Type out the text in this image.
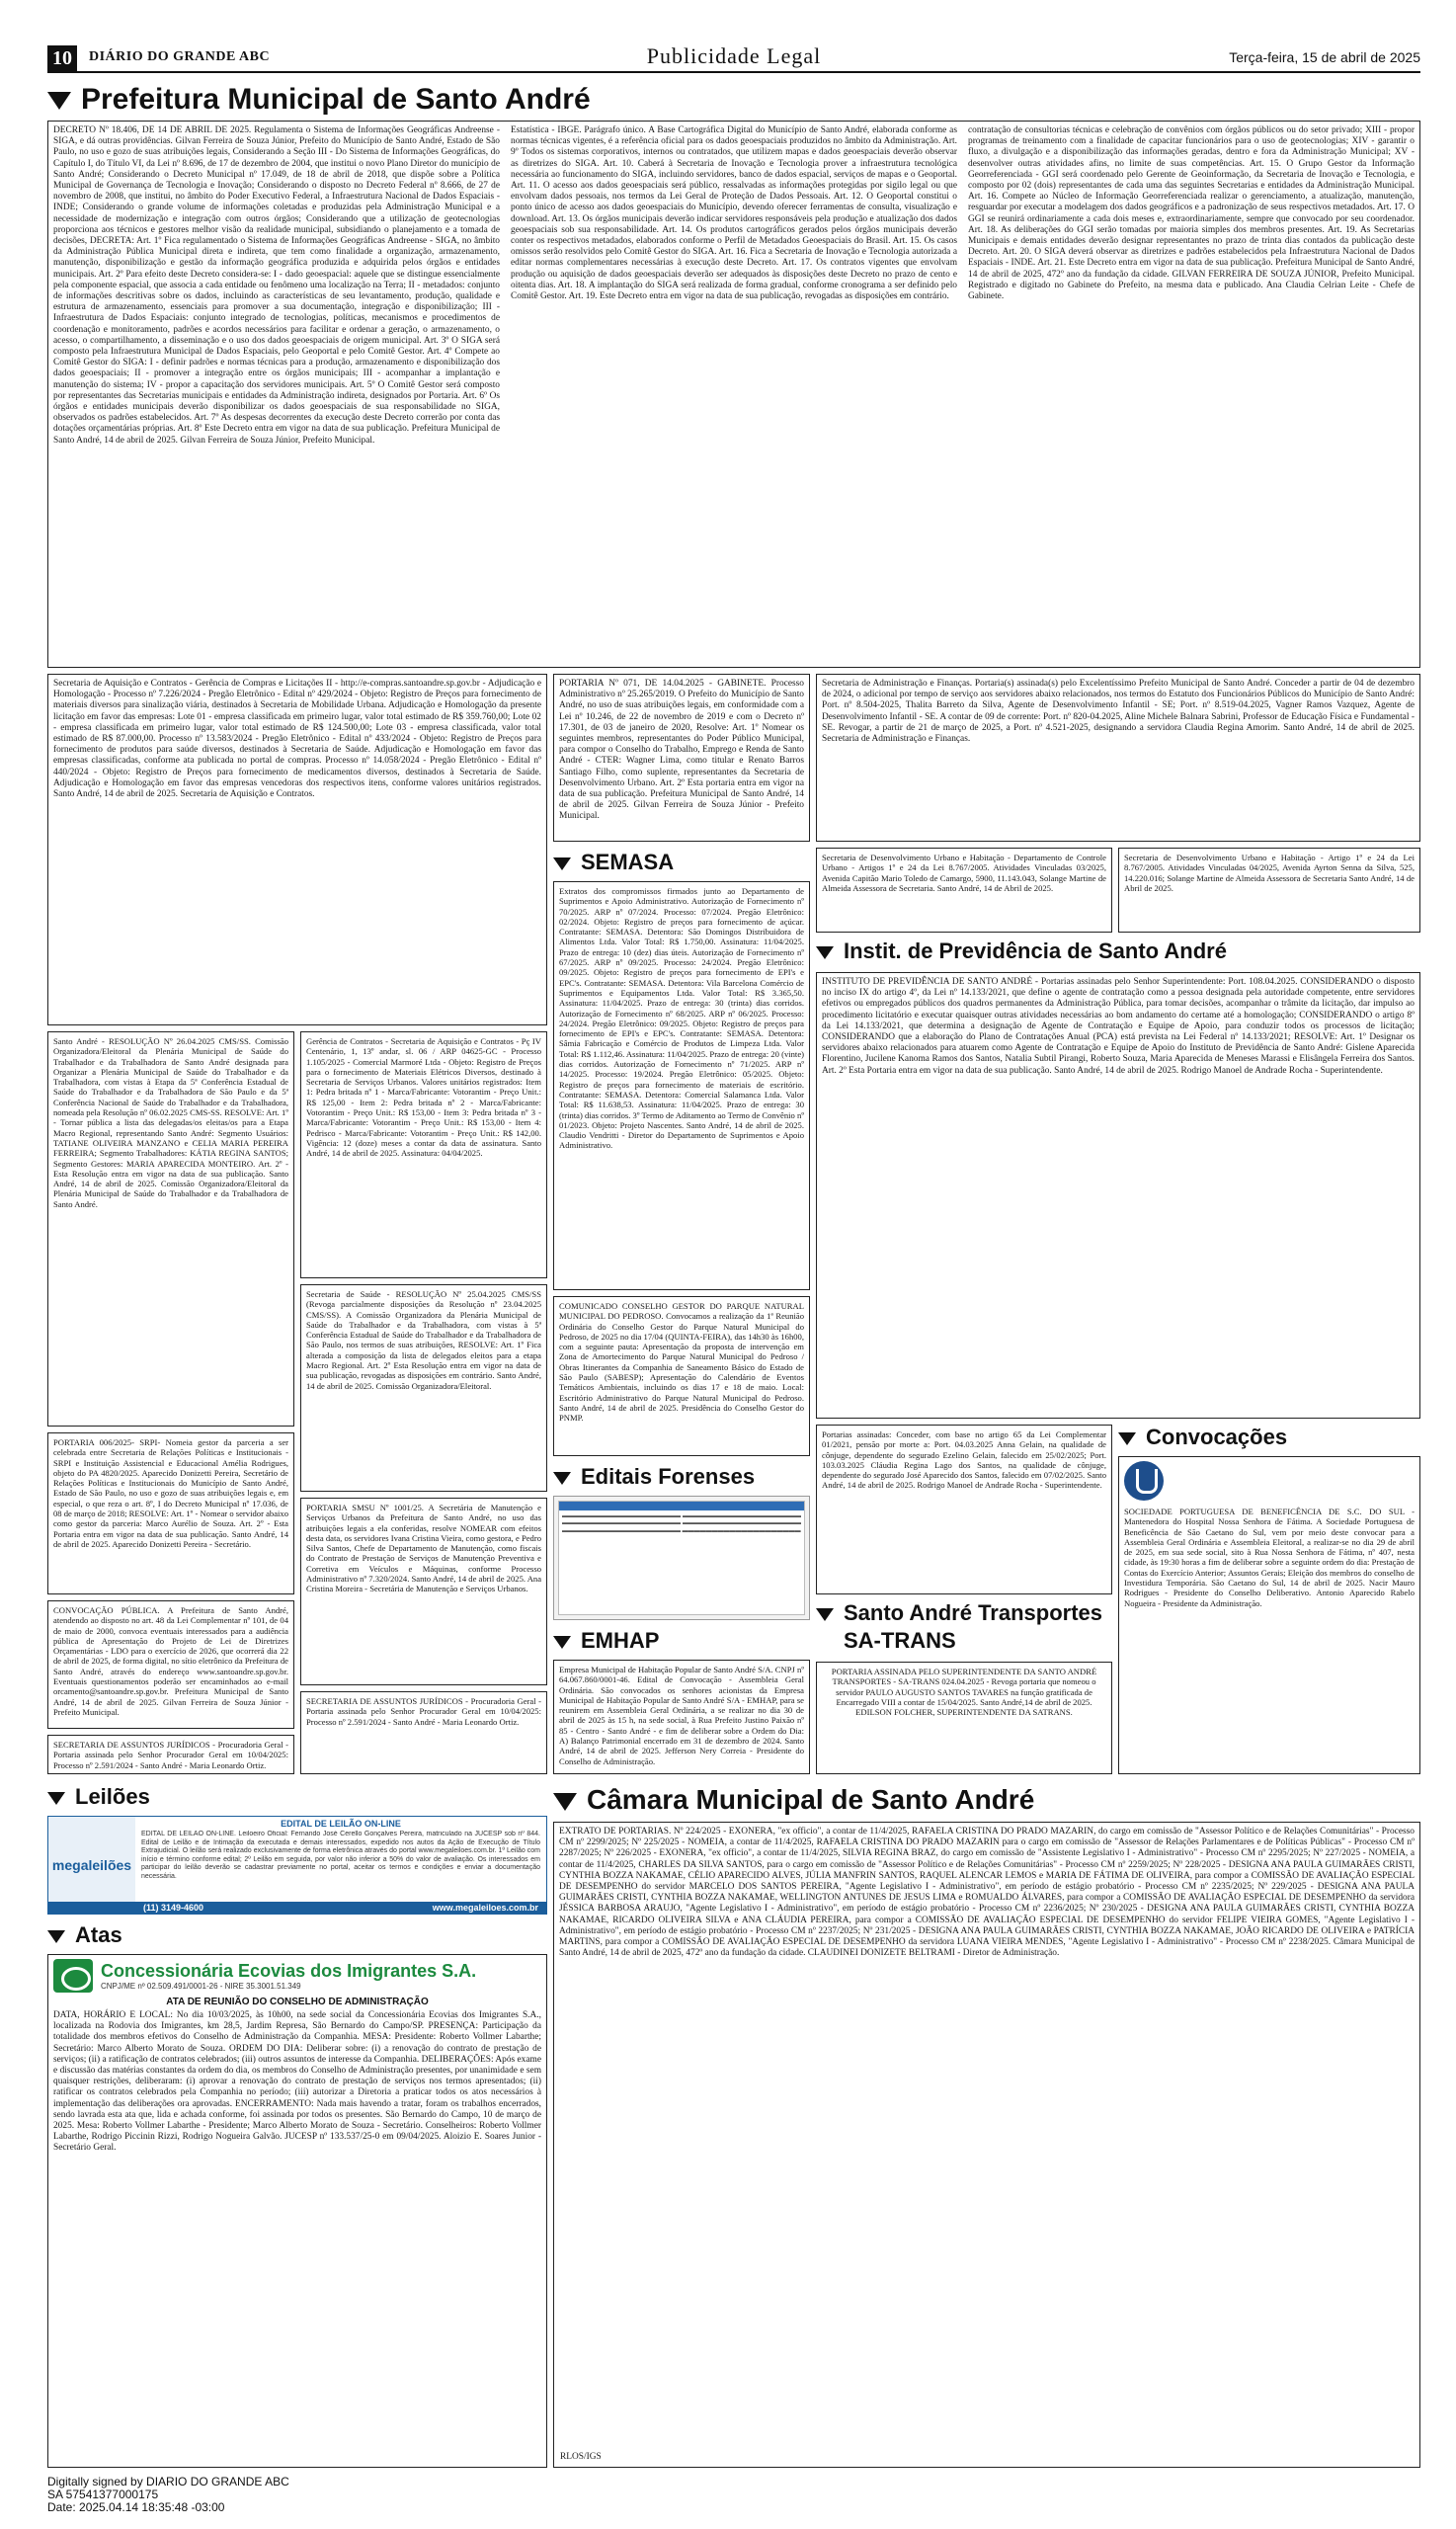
10	DIÁRIO DO GRANDE ABC	Publicidade Legal	Terça-feira, 15 de abril de 2025
Prefeitura Municipal de Santo André
DECRETO Nº 18.406, DE 14 DE ABRIL DE 2025. Regulamenta o Sistema de Informações Geográficas Andreense - SIGA, e dá outras providências. Gilvan Ferreira de Souza Júnior, Prefeito do Município de Santo André, Estado de São Paulo, no uso e gozo de suas atribuições legais, Considerando a Seção III - Do Sistema de Informações Geográficas, do Capítulo I, do Título VI, da Lei nº 8.696, de 17 de dezembro de 2004, que institui o novo Plano Diretor do município de Santo André; Considerando o Decreto Municipal nº 17.049, de 18 de abril de 2018, que dispõe sobre a Política Municipal de Governança de Tecnologia e Inovação; Considerando o disposto no Decreto Federal nº 8.666, de 27 de novembro de 2008, que institui, no âmbito do Poder Executivo Federal, a Infraestrutura Nacional de Dados Espaciais - INDE; Considerando o grande volume de informações coletadas e produzidas pela Administração Municipal e a necessidade de modernização e integração com outros órgãos; Considerando que a utilização de geotecnologias proporciona aos técnicos e gestores melhor visão da realidade municipal, subsidiando o planejamento e a tomada de decisões, DECRETA: Art. 1º Fica regulamentado o Sistema de Informações Geográficas Andreense - SIGA, no âmbito da Administração Pública Municipal direta e indireta, que tem como finalidade a organização, armazenamento, manutenção, disponibilização e gestão da informação geográfica produzida e adquirida pelos órgãos e entidades municipais. Art. 2º Para efeito deste Decreto considera-se: I - dado geoespacial: aquele que se distingue essencialmente pela componente espacial, que associa a cada entidade ou fenômeno uma localização na Terra; II - metadados: conjunto de informações descritivas sobre os dados, incluindo as características de seu levantamento, produção, qualidade e estrutura de armazenamento, essenciais para promover a sua documentação, integração e disponibilização; III - Infraestrutura de Dados Espaciais: conjunto integrado de tecnologias, políticas, mecanismos e procedimentos de coordenação e monitoramento, padrões e acordos necessários para facilitar e ordenar a geração, o armazenamento, o acesso, o compartilhamento, a disseminação e o uso dos dados geoespaciais de origem municipal. Art. 3º O SIGA será composto pela Infraestrutura Municipal de Dados Espaciais, pelo Geoportal e pelo Comitê Gestor. Art. 4º Compete ao Comitê Gestor do SIGA: I - definir padrões e normas técnicas para a produção, armazenamento e disponibilização dos dados geoespaciais; II - promover a integração entre os órgãos municipais; III - acompanhar a implantação e manutenção do sistema; IV - propor a capacitação dos servidores municipais. Art. 5º O Comitê Gestor será composto por representantes das Secretarias municipais e entidades da Administração indireta, designados por Portaria. Art. 6º Os órgãos e entidades municipais deverão disponibilizar os dados geoespaciais de sua responsabilidade no SIGA, observados os padrões estabelecidos. Art. 7º As despesas decorrentes da execução deste Decreto correrão por conta das dotações orçamentárias próprias. Art. 8º Este Decreto entra em vigor na data de sua publicação. Prefeitura Municipal de Santo André, 14 de abril de 2025. Gilvan Ferreira de Souza Júnior, Prefeito Municipal.
Estatística - IBGE. Parágrafo único. A Base Cartográfica Digital do Município de Santo André, elaborada conforme as normas técnicas vigentes, é a referência oficial para os dados geoespaciais produzidos no âmbito da Administração. Art. 9º Todos os sistemas corporativos, internos ou contratados, que utilizem mapas e dados geoespaciais deverão observar as diretrizes do SIGA. Art. 10. Caberá à Secretaria de Inovação e Tecnologia prover a infraestrutura tecnológica necessária ao funcionamento do SIGA, incluindo servidores, banco de dados espacial, serviços de mapas e o Geoportal. Art. 11. O acesso aos dados geoespaciais será público, ressalvadas as informações protegidas por sigilo legal ou que envolvam dados pessoais, nos termos da Lei Geral de Proteção de Dados Pessoais. Art. 12. O Geoportal constitui o ponto único de acesso aos dados geoespaciais do Município, devendo oferecer ferramentas de consulta, visualização e download. Art. 13. Os órgãos municipais deverão indicar servidores responsáveis pela produção e atualização dos dados geoespaciais sob sua responsabilidade. Art. 14. Os produtos cartográficos gerados pelos órgãos municipais deverão conter os respectivos metadados, elaborados conforme o Perfil de Metadados Geoespaciais do Brasil. Art. 15. Os casos omissos serão resolvidos pelo Comitê Gestor do SIGA. Art. 16. Fica a Secretaria de Inovação e Tecnologia autorizada a editar normas complementares necessárias à execução deste Decreto. Art. 17. Os contratos vigentes que envolvam produção ou aquisição de dados geoespaciais deverão ser adequados às disposições deste Decreto no prazo de cento e oitenta dias. Art. 18. A implantação do SIGA será realizada de forma gradual, conforme cronograma a ser definido pelo Comitê Gestor. Art. 19. Este Decreto entra em vigor na data de sua publicação, revogadas as disposições em contrário.
contratação de consultorias técnicas e celebração de convênios com órgãos públicos ou do setor privado; XIII - propor programas de treinamento com a finalidade de capacitar funcionários para o uso de geotecnologias; XIV - garantir o fluxo, a divulgação e a disponibilização das informações geradas, dentro e fora da Administração Municipal; XV - desenvolver outras atividades afins, no limite de suas competências. Art. 15. O Grupo Gestor da Informação Georreferenciada - GGI será coordenado pelo Gerente de Geoinformação, da Secretaria de Inovação e Tecnologia, e composto por 02 (dois) representantes de cada uma das seguintes Secretarias e entidades da Administração Municipal. Art. 16. Compete ao Núcleo de Informação Georreferenciada realizar o gerenciamento, a atualização, manutenção, resguardar por executar a modelagem dos dados geográficos e a padronização de seus respectivos metadados. Art. 17. O GGI se reunirá ordinariamente a cada dois meses e, extraordinariamente, sempre que convocado por seu coordenador. Art. 18. As deliberações do GGI serão tomadas por maioria simples dos membros presentes. Art. 19. As Secretarias Municipais e demais entidades deverão designar representantes no prazo de trinta dias contados da publicação deste Decreto. Art. 20. O SIGA deverá observar as diretrizes e padrões estabelecidos pela Infraestrutura Nacional de Dados Espaciais - INDE. Art. 21. Este Decreto entra em vigor na data de sua publicação. Prefeitura Municipal de Santo André, 14 de abril de 2025, 472º ano da fundação da cidade. GILVAN FERREIRA DE SOUZA JÚNIOR, Prefeito Municipal. Registrado e digitado no Gabinete do Prefeito, na mesma data e publicado. Ana Claudia Celrian Leite - Chefe de Gabinete.
Secretaria de Aquisição e Contratos - Gerência de Compras e Licitações II - http://e-compras.santoandre.sp.gov.br - Adjudicação e Homologação - Processo nº 7.226/2024 - Pregão Eletrônico - Edital nº 429/2024 - Objeto: Registro de Preços para fornecimento de materiais diversos para sinalização viária, destinados à Secretaria de Mobilidade Urbana. Adjudicação e Homologação da presente licitação em favor das empresas: Lote 01 - empresa classificada em primeiro lugar, valor total estimado de R$ 359.760,00; Lote 02 - empresa classificada em primeiro lugar, valor total estimado de R$ 124.500,00; Lote 03 - empresa classificada, valor total estimado de R$ 87.000,00. Processo nº 13.583/2024 - Pregão Eletrônico - Edital nº 433/2024 - Objeto: Registro de Preços para fornecimento de produtos para saúde diversos, destinados à Secretaria de Saúde. Adjudicação e Homologação em favor das empresas classificadas, conforme ata publicada no portal de compras. Processo nº 14.058/2024 - Pregão Eletrônico - Edital nº 440/2024 - Objeto: Registro de Preços para fornecimento de medicamentos diversos, destinados à Secretaria de Saúde. Adjudicação e Homologação em favor das empresas vencedoras dos respectivos itens, conforme valores unitários registrados. Santo André, 14 de abril de 2025. Secretaria de Aquisição e Contratos.
PORTARIA Nº 071, DE 14.04.2025 - GABINETE. Processo Administrativo nº 25.265/2019. O Prefeito do Município de Santo André, no uso de suas atribuições legais, em conformidade com a Lei nº 10.246, de 22 de novembro de 2019 e com o Decreto nº 17.301, de 03 de janeiro de 2020, Resolve: Art. 1º Nomear os seguintes membros, representantes do Poder Público Municipal, para compor o Conselho do Trabalho, Emprego e Renda de Santo André - CTER: Wagner Lima, como titular e Renato Barros Santiago Filho, como suplente, representantes da Secretaria de Desenvolvimento Urbano. Art. 2º Esta portaria entra em vigor na data de sua publicação. Prefeitura Municipal de Santo André, 14 de abril de 2025. Gilvan Ferreira de Souza Júnior - Prefeito Municipal.
SEMASA
Extratos dos compromissos firmados junto ao Departamento de Suprimentos e Apoio Administrativo. Autorização de Fornecimento nº 70/2025. ARP nº 07/2024. Processo: 07/2024. Pregão Eletrônico: 02/2024. Objeto: Registro de preços para fornecimento de açúcar. Contratante: SEMASA. Detentora: São Domingos Distribuidora de Alimentos Ltda. Valor Total: R$ 1.750,00. Assinatura: 11/04/2025. Prazo de entrega: 10 (dez) dias úteis. Autorização de Fornecimento nº 67/2025. ARP nº 09/2025. Processo: 24/2024. Pregão Eletrônico: 09/2025. Objeto: Registro de preços para fornecimento de EPI's e EPC's. Contratante: SEMASA. Detentora: Vila Barcelona Comércio de Suprimentos e Equipamentos Ltda. Valor Total: R$ 3.365,50. Assinatura: 11/04/2025. Prazo de entrega: 30 (trinta) dias corridos. Autorização de Fornecimento nº 68/2025. ARP nº 06/2025. Processo: 24/2024. Pregão Eletrônico: 09/2025. Objeto: Registro de preços para fornecimento de EPI's e EPC's. Contratante: SEMASA. Detentora: Sâmia Fabricação e Comércio de Produtos de Limpeza Ltda. Valor Total: R$ 1.112,46. Assinatura: 11/04/2025. Prazo de entrega: 20 (vinte) dias corridos. Autorização de Fornecimento nº 71/2025. ARP nº 14/2025. Processo: 19/2024. Pregão Eletrônico: 05/2025. Objeto: Registro de preços para fornecimento de materiais de escritório. Contratante: SEMASA. Detentora: Comercial Salamanca Ltda. Valor Total: R$ 11.638,53. Assinatura: 11/04/2025. Prazo de entrega: 30 (trinta) dias corridos. 3º Termo de Aditamento ao Termo de Convênio nº 01/2023. Objeto: Projeto Nascentes. Santo André, 14 de abril de 2025. Claudio Vendritti - Diretor do Departamento de Suprimentos e Apoio Administrativo.
COMUNICADO CONSELHO GESTOR DO PARQUE NATURAL MUNICIPAL DO PEDROSO. Convocamos a realização da 1ª Reunião Ordinária do Conselho Gestor do Parque Natural Municipal do Pedroso, de 2025 no dia 17/04 (QUINTA-FEIRA), das 14h30 às 16h00, com a seguinte pauta: Apresentação da proposta de intervenção em Zona de Amortecimento do Parque Natural Municipal do Pedroso / Obras Itinerantes da Companhia de Saneamento Básico do Estado de São Paulo (SABESP); Apresentação do Calendário de Eventos Temáticos Ambientais, incluindo os dias 17 e 18 de maio. Local: Escritório Administrativo do Parque Natural Municipal do Pedroso. Santo André, 14 de abril de 2025. Presidência do Conselho Gestor do PNMP.
Editais Forenses
▬▬▬▬▬▬▬▬▬▬▬▬▬▬▬▬▬▬▬▬ ▬▬▬▬▬▬▬▬▬▬▬▬▬▬▬▬▬▬▬▬ ▬▬▬▬▬▬▬▬▬▬▬▬▬▬▬▬▬▬▬▬ ▬▬▬▬▬▬▬▬▬▬▬▬▬▬▬▬▬▬▬▬ ▬▬▬▬▬▬▬▬▬▬▬▬▬▬▬▬▬▬▬▬ ▬▬▬▬▬▬▬▬▬▬▬▬▬▬▬▬▬▬▬▬
EMHAP
Empresa Municipal de Habitação Popular de Santo André S/A. CNPJ nº 64.067.860/0001-46. Edital de Convocação - Assembleia Geral Ordinária. São convocados os senhores acionistas da Empresa Municipal de Habitação Popular de Santo André S/A - EMHAP, para se reunirem em Assembleia Geral Ordinária, a se realizar no dia 30 de abril de 2025 às 15 h, na sede social, à Rua Prefeito Justino Paixão nº 85 - Centro - Santo André - e fim de deliberar sobre a Ordem do Dia: A) Balanço Patrimonial encerrado em 31 de dezembro de 2024. Santo André, 14 de abril de 2025. Jefferson Nery Correia - Presidente do Conselho de Administração.
Secretaria de Administração e Finanças. Portaria(s) assinada(s) pelo Excelentíssimo Prefeito Municipal de Santo André. Conceder a partir de 04 de dezembro de 2024, o adicional por tempo de serviço aos servidores abaixo relacionados, nos termos do Estatuto dos Funcionários Públicos do Município de Santo André: Port. nº 8.504-2025, Thalita Barreto da Silva, Agente de Desenvolvimento Infantil - SE; Port. nº 8.519-04.2025, Vagner Ramos Vazquez, Agente de Desenvolvimento Infantil - SE. A contar de 09 de corrente: Port. nº 820-04.2025, Aline Michele Balnara Sabrini, Professor de Educação Física e Fundamental - SE. Revogar, a partir de 21 de março de 2025, a Port. nº 4.521-2025, designando a servidora Claudia Regina Amorim. Santo André, 14 de abril de 2025. Secretaria de Administração e Finanças.
Secretaria de Desenvolvimento Urbano e Habitação - Departamento de Controle Urbano - Artigos 1º e 24 da Lei 8.767/2005. Atividades Vinculadas 03/2025, Avenida Capitão Mario Toledo de Camargo, 5900, 11.143.043, Solange Martine de Almeida Assessora de Secretaria. Santo André, 14 de Abril de 2025.
Secretaria de Desenvolvimento Urbano e Habitação - Artigo 1º e 24 da Lei 8.767/2005. Atividades Vinculadas 04/2025, Avenida Ayrton Senna da Silva, 525, 14.220.016; Solange Martine de Almeida Assessora de Secretaria Santo André, 14 de Abril de 2025.
Instit. de Previdência de Santo André
INSTITUTO DE PREVIDÊNCIA DE SANTO ANDRÉ - Portarias assinadas pelo Senhor Superintendente: Port. 108.04.2025. CONSIDERANDO o disposto no inciso IX do artigo 4º, da Lei nº 14.133/2021, que define o agente de contratação como a pessoa designada pela autoridade competente, entre servidores efetivos ou empregados públicos dos quadros permanentes da Administração Pública, para tomar decisões, acompanhar o trâmite da licitação, dar impulso ao procedimento licitatório e executar quaisquer outras atividades necessárias ao bom andamento do certame até a homologação; CONSIDERANDO o artigo 8º da Lei 14.133/2021, que determina a designação de Agente de Contratação e Equipe de Apoio, para conduzir todos os processos de licitação; CONSIDERANDO que a elaboração do Plano de Contratações Anual (PCA) está prevista na Lei Federal nº 14.133/2021; RESOLVE: Art. 1º Designar os servidores abaixo relacionados para atuarem como Agente de Contratação e Equipe de Apoio do Instituto de Previdência de Santo André: Gislene Aparecida Florentino, Jucilene Kanoma Ramos dos Santos, Natalia Subtil Pirangi, Roberto Souza, Maria Aparecida de Meneses Marassi e Elisângela Ferreira dos Santos. Art. 2º Esta Portaria entra em vigor na data de sua publicação. Santo André, 14 de abril de 2025. Rodrigo Manoel de Andrade Rocha - Superintendente.
Portarias assinadas: Conceder, com base no artigo 65 da Lei Complementar 01/2021, pensão por morte a: Port. 04.03.2025 Anna Gelain, na qualidade de cônjuge, dependente do segurado Ezelino Gelain, falecido em 25/02/2025; Port. 103.03.2025 Cláudia Regina Lago dos Santos, na qualidade de cônjuge, dependente do segurado José Aparecido dos Santos, falecido em 07/02/2025. Santo André, 14 de abril de 2025. Rodrigo Manoel de Andrade Rocha - Superintendente.
Santo André Transportes
SA-TRANS
PORTARIA ASSINADA PELO SUPERINTENDENTE DA SANTO ANDRÉ TRANSPORTES - SA-TRANS 024.04.2025 - Revoga portaria que nomeou o servidor PAULO AUGUSTO SANTOS TAVARES na função gratificada de Encarregado VIII a contar de 15/04/2025. Santo André,14 de abril de 2025. EDILSON FOLCHER, SUPERINTENDENTE DA SATRANS.
Convocações
SOCIEDADE PORTUGUESA DE BENEFICÊNCIA DE S.C. DO SUL - Mantenedora do Hospital Nossa Senhora de Fátima. A Sociedade Portuguesa de Beneficência de São Caetano do Sul, vem por meio deste convocar para a Assembleia Geral Ordinária e Assembleia Eleitoral, a realizar-se no dia 29 de abril de 2025, em sua sede social, sito à Rua Nossa Senhora de Fátima, nº 407, nesta cidade, às 19:30 horas a fim de deliberar sobre a seguinte ordem do dia: Prestação de Contas do Exercício Anterior; Assuntos Gerais; Eleição dos membros do conselho de Investidura Temporária. São Caetano do Sul, 14 de abril de 2025. Nacir Mauro Rodrigues - Presidente do Conselho Deliberativo. Antonio Aparecido Rabelo Nogueira - Presidente da Administração.
Santo André - RESOLUÇÃO Nº 26.04.2025 CMS/SS. Comissão Organizadora/Eleitoral da Plenária Municipal de Saúde do Trabalhador e da Trabalhadora de Santo André designada para Organizar a Plenária Municipal de Saúde do Trabalhador e da Trabalhadora, com vistas à Etapa da 5ª Conferência Estadual de Saúde do Trabalhador e da Trabalhadora de São Paulo e da 5ª Conferência Nacional de Saúde do Trabalhador e da Trabalhadora, nomeada pela Resolução nº 06.02.2025 CMS-SS. RESOLVE: Art. 1º - Tornar pública a lista das delegadas/os eleitas/os para a Etapa Macro Regional, representando Santo André: Segmento Usuários: TATIANE OLIVEIRA MANZANO e CELIA MARIA PEREIRA FERREIRA; Segmento Trabalhadores: KÁTIA REGINA SANTOS; Segmento Gestores: MARIA APARECIDA MONTEIRO. Art. 2º - Esta Resolução entra em vigor na data de sua publicação. Santo André, 14 de abril de 2025. Comissão Organizadora/Eleitoral da Plenária Municipal de Saúde do Trabalhador e da Trabalhadora de Santo André.
Gerência de Contratos - Secretaria de Aquisição e Contratos - Pç IV Centenário, 1, 13º andar, sl. 06 / ARP 04625-GC - Processo 1.105/2025 - Comercial Marmoré Ltda - Objeto: Registro de Preços para o fornecimento de Materiais Elétricos Diversos, destinado à Secretaria de Serviços Urbanos. Valores unitários registrados: Item 1: Pedra britada nº 1 - Marca/Fabricante: Votorantim - Preço Unit.: R$ 125,00 - Item 2: Pedra britada nº 2 - Marca/Fabricante: Votorantim - Preço Unit.: R$ 153,00 - Item 3: Pedra britada nº 3 - Marca/Fabricante: Votorantim - Preço Unit.: R$ 153,00 - Item 4: Pedrisco - Marca/Fabricante: Votorantim - Preço Unit.: R$ 142,00. Vigência: 12 (doze) meses a contar da data de assinatura. Santo André, 14 de abril de 2025. Assinatura: 04/04/2025.
Secretaria de Saúde - RESOLUÇÃO Nº 25.04.2025 CMS/SS (Revoga parcialmente disposições da Resolução nº 23.04.2025 CMS/SS). A Comissão Organizadora da Plenária Municipal de Saúde do Trabalhador e da Trabalhadora, com vistas à 5ª Conferência Estadual de Saúde do Trabalhador e da Trabalhadora de São Paulo, nos termos de suas atribuições, RESOLVE: Art. 1º Fica alterada a composição da lista de delegados eleitos para a etapa Macro Regional. Art. 2º Esta Resolução entra em vigor na data de sua publicação, revogadas as disposições em contrário. Santo André, 14 de abril de 2025. Comissão Organizadora/Eleitoral.
PORTARIA 006/2025- SRPI- Nomeia gestor da parceria a ser celebrada entre Secretaria de Relações Políticas e Institucionais - SRPI e Instituição Assistencial e Educacional Amélia Rodrigues, objeto do PA 4820/2025. Aparecido Donizetti Pereira, Secretário de Relações Políticas e Institucionais do Município de Santo André, Estado de São Paulo, no uso e gozo de suas atribuições legais e, em especial, o que reza o art. 8º, I do Decreto Municipal nº 17.036, de 08 de março de 2018; RESOLVE: Art. 1º - Nomear o servidor abaixo como gestor da parceria: Marco Aurélio de Souza. Art. 2º - Esta Portaria entra em vigor na data de sua publicação. Santo André, 14 de abril de 2025. Aparecido Donizetti Pereira - Secretário.
PORTARIA SMSU Nº 1001/25. A Secretária de Manutenção e Serviços Urbanos da Prefeitura de Santo André, no uso das atribuições legais a ela conferidas, resolve NOMEAR com efeitos desta data, os servidores Ivana Cristina Vieira, como gestora, e Pedro Silva Santos, Chefe de Departamento de Manutenção, como fiscais do Contrato de Prestação de Serviços de Manutenção Preventiva e Corretiva em Veículos e Máquinas, conforme Processo Administrativo nº 7.320/2024. Santo André, 14 de abril de 2025. Ana Cristina Moreira - Secretária de Manutenção e Serviços Urbanos.
CONVOCAÇÃO PÚBLICA. A Prefeitura de Santo André, atendendo ao disposto no art. 48 da Lei Complementar nº 101, de 04 de maio de 2000, convoca eventuais interessados para a audiência pública de Apresentação do Projeto de Lei de Diretrizes Orçamentárias - LDO para o exercício de 2026, que ocorrerá dia 22 de abril de 2025, de forma digital, no sítio eletrônico da Prefeitura de Santo André, através do endereço www.santoandre.sp.gov.br. Eventuais questionamentos poderão ser encaminhados ao e-mail orcamento@santoandre.sp.gov.br. Prefeitura Municipal de Santo André, 14 de abril de 2025. Gilvan Ferreira de Souza Júnior - Prefeito Municipal.
SECRETARIA DE ASSUNTOS JURÍDICOS - Procuradoria Geral - Portaria assinada pelo Senhor Procurador Geral em 10/04/2025: Processo nº 2.591/2024 - Santo André - Maria Leonardo Ortiz.
SECRETARIA DE ASSUNTOS JURÍDICOS - Procuradoria Geral - Portaria assinada pelo Senhor Procurador Geral em 10/04/2025: Processo nº 2.591/2024 - Santo André - Maria Leonardo Ortiz.
Leilões
megaleilões
EDITAL DE LEILÃO ON-LINE
EDITAL DE LEILÃO ON-LINE. Leiloeiro Oficial: Fernando José Cerello Gonçalves Pereira, matriculado na JUCESP sob nº 844. Edital de Leilão e de Intimação da executada e demais interessados, expedido nos autos da Ação de Execução de Título Extrajudicial. O leilão será realizado exclusivamente de forma eletrônica através do portal www.megaleiloes.com.br. 1º Leilão com início e término conforme edital; 2º Leilão em seguida, por valor não inferior a 50% do valor de avaliação. Os interessados em participar do leilão deverão se cadastrar previamente no portal, aceitar os termos e condições e enviar a documentação necessária.
(11) 3149-4600	www.megaleiloes.com.br
Atas
Concessionária Ecovias dos Imigrantes S.A.
CNPJ/ME nº 02.509.491/0001-26 - NIRE 35.3001.51.349
ATA DE REUNIÃO DO CONSELHO DE ADMINISTRAÇÃO
DATA, HORÁRIO E LOCAL: No dia 10/03/2025, às 10h00, na sede social da Concessionária Ecovias dos Imigrantes S.A., localizada na Rodovia dos Imigrantes, km 28,5, Jardim Represa, São Bernardo do Campo/SP. PRESENÇA: Participação da totalidade dos membros efetivos do Conselho de Administração da Companhia. MESA: Presidente: Roberto Vollmer Labarthe; Secretário: Marco Alberto Morato de Souza. ORDEM DO DIA: Deliberar sobre: (i) a renovação do contrato de prestação de serviços; (ii) a ratificação de contratos celebrados; (iii) outros assuntos de interesse da Companhia. DELIBERAÇÕES: Após exame e discussão das matérias constantes da ordem do dia, os membros do Conselho de Administração presentes, por unanimidade e sem quaisquer restrições, deliberaram: (i) aprovar a renovação do contrato de prestação de serviços nos termos apresentados; (ii) ratificar os contratos celebrados pela Companhia no período; (iii) autorizar a Diretoria a praticar todos os atos necessários à implementação das deliberações ora aprovadas. ENCERRAMENTO: Nada mais havendo a tratar, foram os trabalhos encerrados, sendo lavrada esta ata que, lida e achada conforme, foi assinada por todos os presentes. São Bernardo do Campo, 10 de março de 2025. Mesa: Roberto Vollmer Labarthe - Presidente; Marco Alberto Morato de Souza - Secretário. Conselheiros: Roberto Vollmer Labarthe, Rodrigo Piccinin Rizzi, Rodrigo Nogueira Galvão. JUCESP nº 133.537/25-0 em 09/04/2025. Aloizio E. Soares Junior - Secretário Geral.
Câmara Municipal de Santo André
EXTRATO DE PORTARIAS. Nº 224/2025 - EXONERA, "ex officio", a contar de 11/4/2025, RAFAELA CRISTINA DO PRADO MAZARIN, do cargo em comissão de "Assessor Político e de Relações Comunitárias" - Processo CM nº 2299/2025; Nº 225/2025 - NOMEIA, a contar de 11/4/2025, RAFAELA CRISTINA DO PRADO MAZARIN para o cargo em comissão de "Assessor de Relações Parlamentares e de Políticas Públicas" - Processo CM nº 2287/2025; Nº 226/2025 - EXONERA, "ex officio", a contar de 11/4/2025, SILVIA REGINA BRAZ, do cargo em comissão de "Assistente Legislativo I - Administrativo" - Processo CM nº 2295/2025; Nº 227/2025 - NOMEIA, a contar de 11/4/2025, CHARLES DA SILVA SANTOS, para o cargo em comissão de "Assessor Político e de Relações Comunitárias" - Processo CM nº 2259/2025; Nº 228/2025 - DESIGNA ANA PAULA GUIMARÃES CRISTI, CYNTHIA BOZZA NAKAMAE, CÉLIO APARECIDO ALVES, JÚLIA MANFRIN SANTOS, RAQUEL ALENCAR LEMOS e MARIA DE FÁTIMA DE OLIVEIRA, para compor a COMISSÃO DE AVALIAÇÃO ESPECIAL DE DESEMPENHO do servidor MARCELO DOS SANTOS PEREIRA, "Agente Legislativo I - Administrativo", em período de estágio probatório - Processo CM nº 2235/2025; Nº 229/2025 - DESIGNA ANA PAULA GUIMARÃES CRISTI, CYNTHIA BOZZA NAKAMAE, WELLINGTON ANTUNES DE JESUS LIMA e ROMUALDO ÁLVARES, para compor a COMISSÃO DE AVALIAÇÃO ESPECIAL DE DESEMPENHO da servidora JÉSSICA BARBOSA ARAUJO, "Agente Legislativo I - Administrativo", em período de estágio probatório - Processo CM nº 2236/2025; Nº 230/2025 - DESIGNA ANA PAULA GUIMARÃES CRISTI, CYNTHIA BOZZA NAKAMAE, RICARDO OLIVEIRA SILVA e ANA CLÁUDIA PEREIRA, para compor a COMISSÃO DE AVALIAÇÃO ESPECIAL DE DESEMPENHO do servidor FELIPE VIEIRA GOMES, "Agente Legislativo I - Administrativo", em período de estágio probatório - Processo CM nº 2237/2025; Nº 231/2025 - DESIGNA ANA PAULA GUIMARÃES CRISTI, CYNTHIA BOZZA NAKAMAE, JOÃO RICARDO DE OLIVEIRA e PATRÍCIA MARTINS, para compor a COMISSÃO DE AVALIAÇÃO ESPECIAL DE DESEMPENHO da servidora LUANA VIEIRA MENDES, "Agente Legislativo I - Administrativo" - Processo CM nº 2238/2025. Câmara Municipal de Santo André, 14 de abril de 2025, 472º ano da fundação da cidade. CLAUDINEI DONIZETE BELTRAMI - Diretor de Administração.
RLOS/IGS
Digitally signed by DIARIO DO GRANDE ABC
SA 57541377000175
Date: 2025.04.14 18:35:48 -03:00
